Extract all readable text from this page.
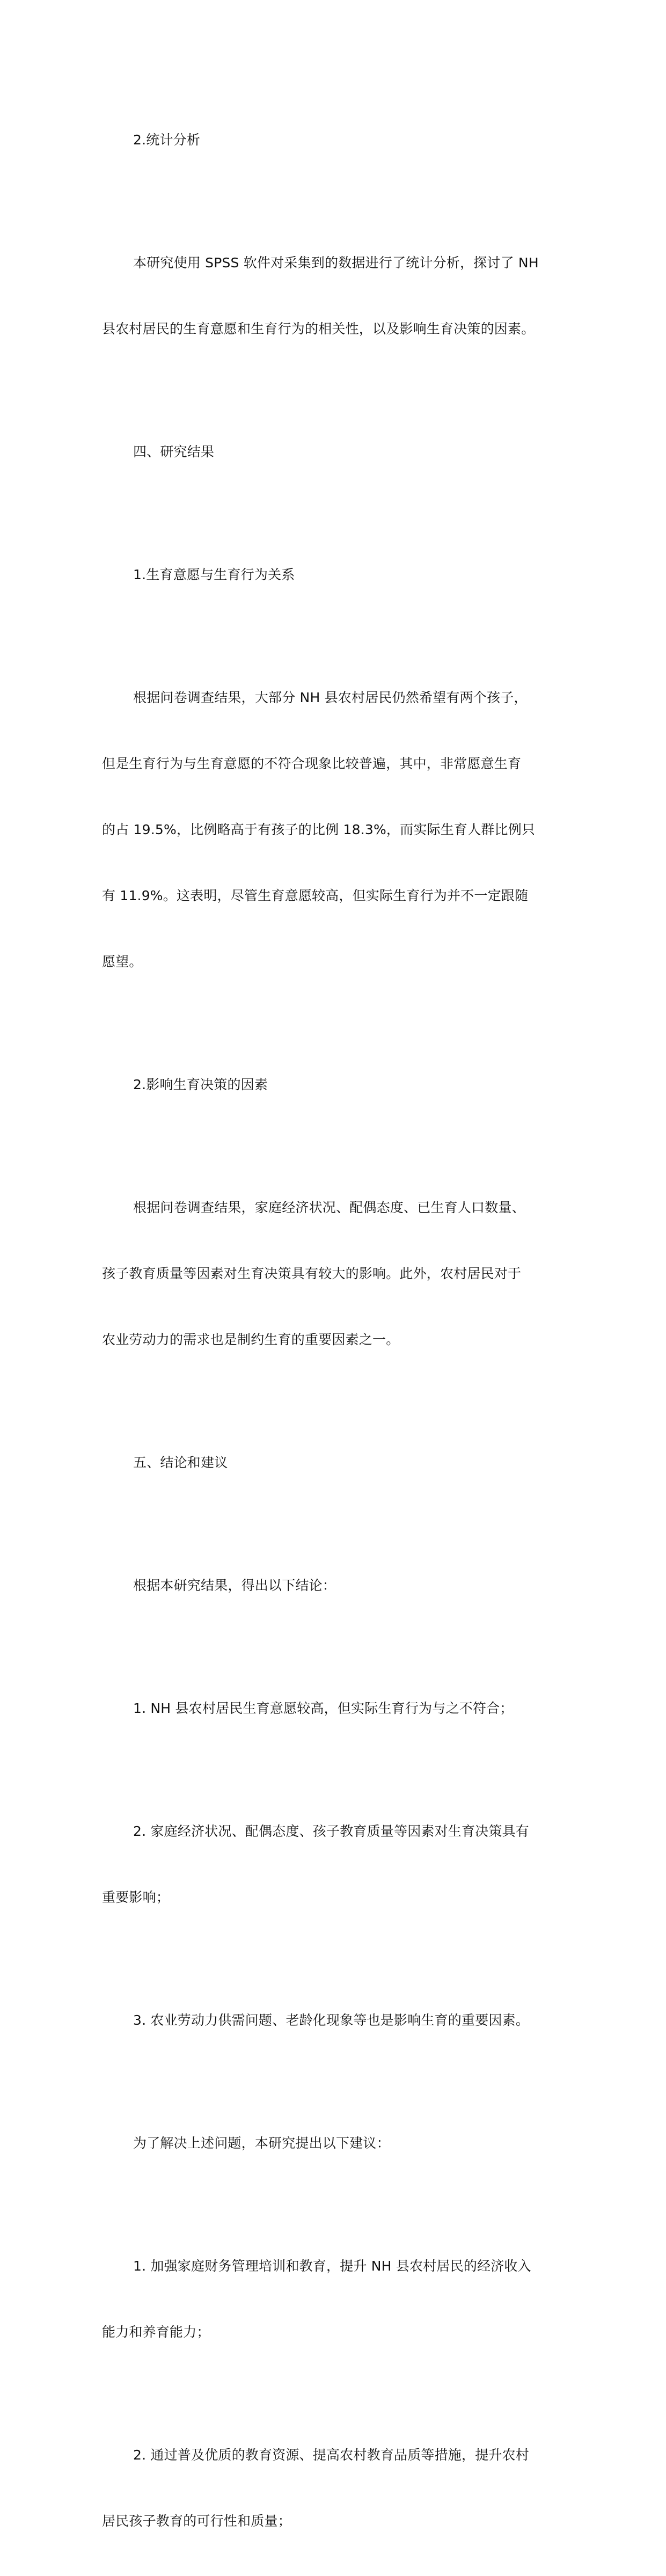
2.统计分析

本研究使用 SPSS 软件对采集到的数据进行了统计分析，探讨了 NH

县农村居民的生育意愿和生育行为的相关性，以及影响生育决策的因素。

四、研究结果

1.生育意愿与生育行为关系

根据问卷调查结果，大部分 NH 县农村居民仍然希望有两个孩子，

但是生育行为与生育意愿的不符合现象比较普遍，其中，非常愿意生育

的占 19.5%，比例略高于有孩子的比例 18.3%，而实际生育人群比例只

有 11.9%。这表明，尽管生育意愿较高，但实际生育行为并不一定跟随

愿望。

2.影响生育决策的因素

根据问卷调查结果，家庭经济状况、配偶态度、已生育人口数量、

孩子教育质量等因素对生育决策具有较大的影响。此外，农村居民对于

农业劳动力的需求也是制约生育的重要因素之一。

五、结论和建议

根据本研究结果，得出以下结论：

1. NH 县农村居民生育意愿较高，但实际生育行为与之不符合；

2. 家庭经济状况、配偶态度、孩子教育质量等因素对生育决策具有

重要影响；

3. 农业劳动力供需问题、老龄化现象等也是影响生育的重要因素。

为了解决上述问题，本研究提出以下建议：

1. 加强家庭财务管理培训和教育，提升 NH 县农村居民的经济收入

能力和养育能力；

2. 通过普及优质的教育资源、提高农村教育品质等措施，提升农村

居民孩子教育的可行性和质量；
